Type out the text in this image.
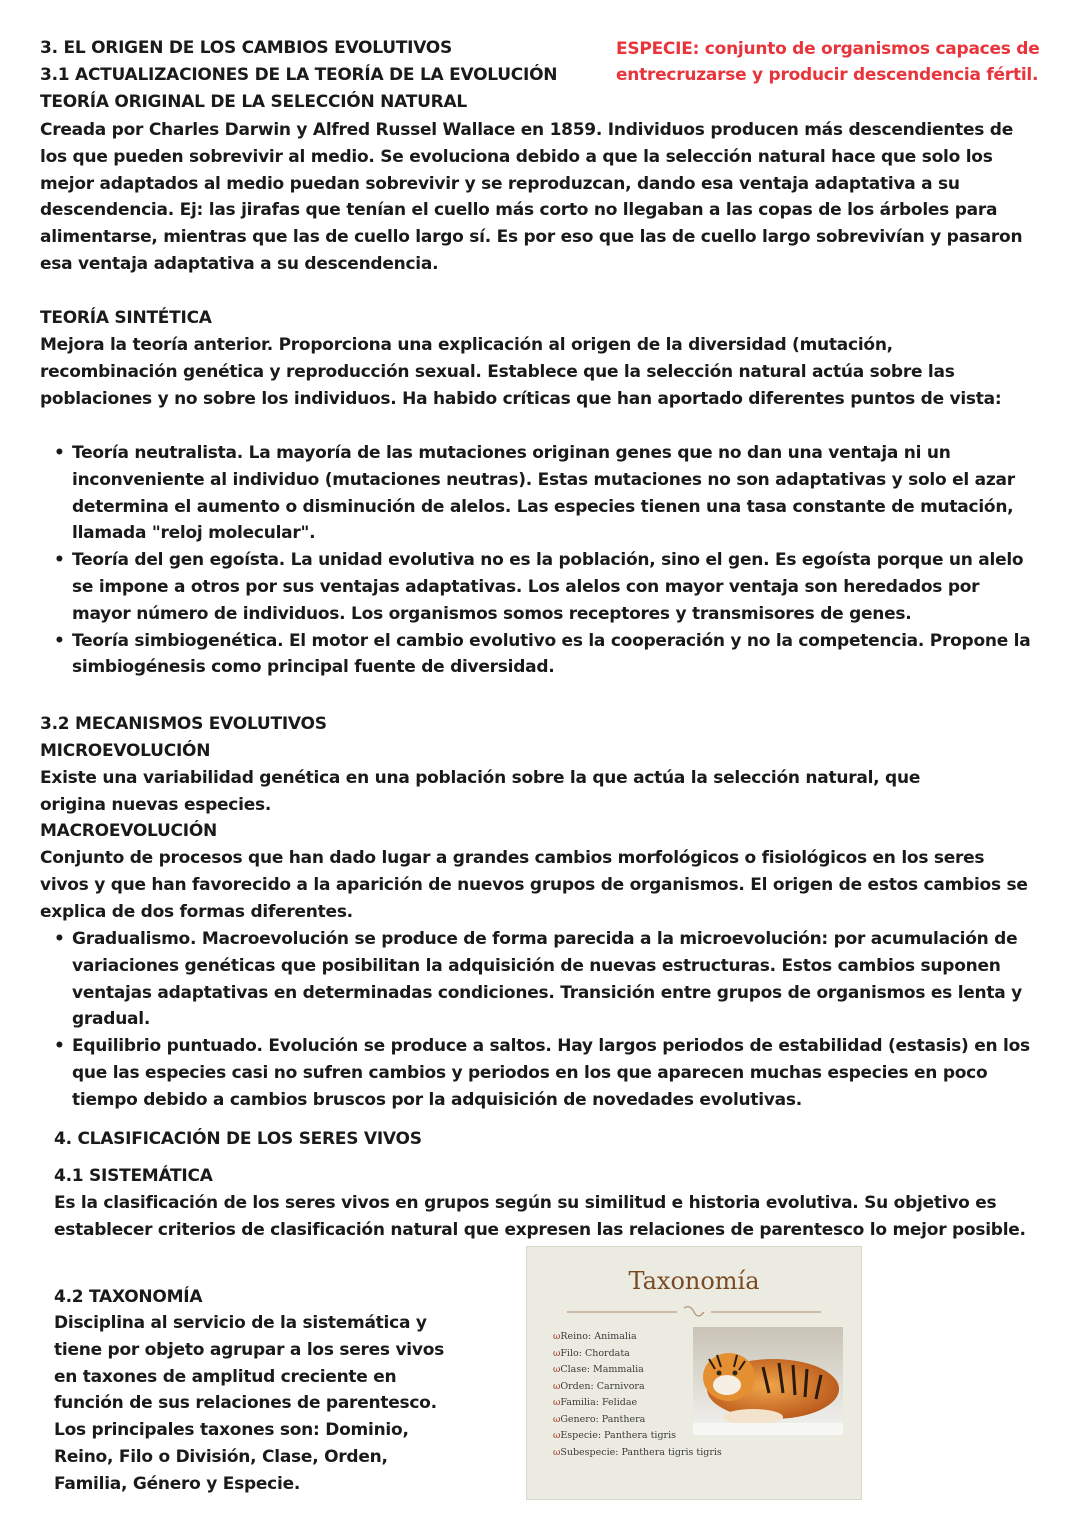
3. EL ORIGEN DE LOS CAMBIOS EVOLUTIVOS
3.1 ACTUALIZACIONES DE LA TEORÍA DE LA EVOLUCIÓN
TEORÍA ORIGINAL DE LA SELECCIÓN NATURAL
ESPECIE: conjunto de organismos capaces de entrecruzarse y producir descendencia fértil.
Creada por Charles Darwin y Alfred Russel Wallace en 1859. Individuos producen más descendientes de los que pueden sobrevivir al medio. Se evoluciona debido a que la selección natural hace que solo los mejor adaptados al medio puedan sobrevivir y se reproduzcan, dando esa ventaja adaptativa a su descendencia. Ej: las jirafas que tenían el cuello más corto no llegaban a las copas de los árboles para alimentarse, mientras que las de cuello largo sí. Es por eso que las de cuello largo sobrevivían y pasaron esa ventaja adaptativa a su descendencia.
TEORÍA SINTÉTICA
Mejora la teoría anterior. Proporciona una explicación al origen de la diversidad (mutación, recombinación genética y reproducción sexual. Establece que la selección natural actúa sobre las poblaciones y no sobre los individuos. Ha habido críticas que han aportado diferentes puntos de vista:
• Teoría neutralista. La mayoría de las mutaciones originan genes que no dan una ventaja ni un inconveniente al individuo (mutaciones neutras). Estas mutaciones no son adaptativas y solo el azar determina el aumento o disminución de alelos. Las especies tienen una tasa constante de mutación, llamada "reloj molecular".
• Teoría del gen egoísta. La unidad evolutiva no es la población, sino el gen. Es egoísta porque un alelo se impone a otros por sus ventajas adaptativas. Los alelos con mayor ventaja son heredados por mayor número de individuos. Los organismos somos receptores y transmisores de genes.
• Teoría simbiogenética. El motor el cambio evolutivo es la cooperación y no la competencia. Propone la simbiogénesis como principal fuente de diversidad.
3.2 MECANISMOS EVOLUTIVOS
MICROEVOLUCIÓN
Existe una variabilidad genética en una población sobre la que actúa la selección natural, que origina nuevas especies.
MACROEVOLUCIÓN
Conjunto de procesos que han dado lugar a grandes cambios morfológicos o fisiológicos en los seres vivos y que han favorecido a la aparición de nuevos grupos de organismos. El origen de estos cambios se explica de dos formas diferentes.
• Gradualismo. Macroevolución se produce de forma parecida a la microevolución: por acumulación de variaciones genéticas que posibilitan la adquisición de nuevas estructuras. Estos cambios suponen ventajas adaptativas en determinadas condiciones. Transición entre grupos de organismos es lenta y gradual.
• Equilibrio puntuado. Evolución se produce a saltos. Hay largos periodos de estabilidad (estasis) en los que las especies casi no sufren cambios y periodos en los que aparecen muchas especies en poco tiempo debido a cambios bruscos por la adquisición de novedades evolutivas.
4. CLASIFICACIÓN DE LOS SERES VIVOS
4.1 SISTEMÁTICA
Es la clasificación de los seres vivos en grupos según su similitud e historia evolutiva. Su objetivo es establecer criterios de clasificación natural que expresen las relaciones de parentesco lo mejor posible.
4.2 TAXONOMÍA
Disciplina al servicio de la sistemática y tiene por objeto agrupar a los seres vivos en taxones de amplitud creciente en función de sus relaciones de parentesco. Los principales taxones son: Dominio, Reino, Filo o División, Clase, Orden, Familia, Género y Especie.
Taxonomía
ω Reino: Animalia
ω Filo: Chordata
ω Clase: Mammalia
ω Orden: Carnivora
ω Familia: Felidae
ω Genero: Panthera
ω Especie: Panthera tigris
ω Subespecie: Panthera tigris tigris
